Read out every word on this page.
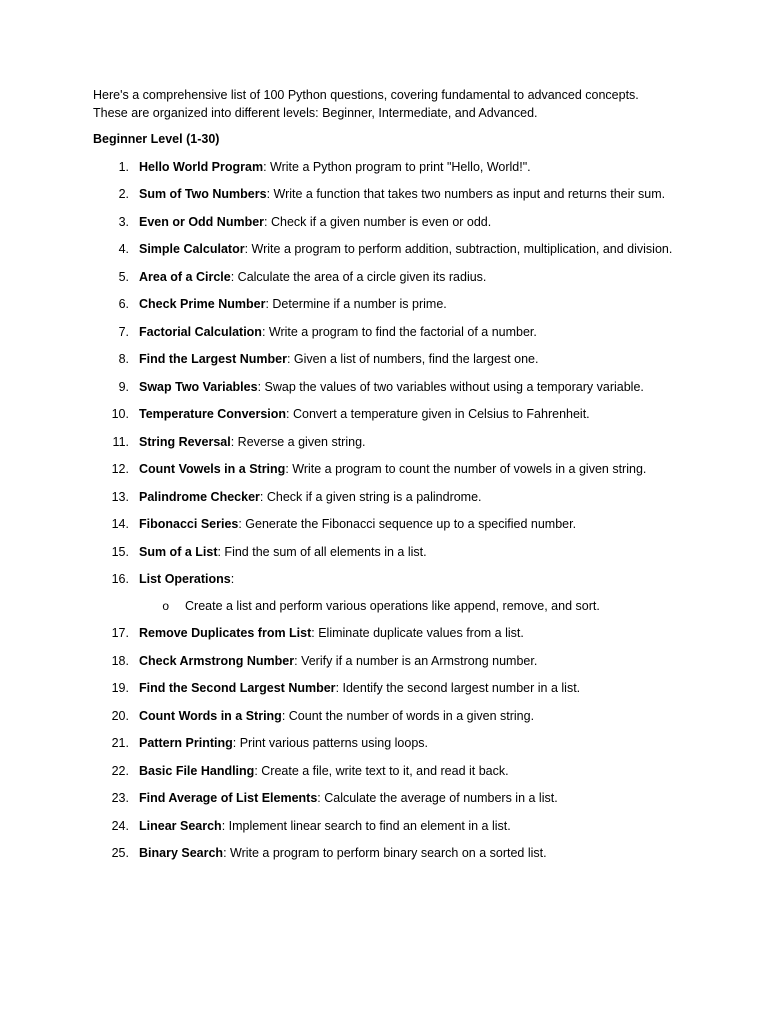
Here's a comprehensive list of 100 Python questions, covering fundamental to advanced concepts. These are organized into different levels: Beginner, Intermediate, and Advanced.

Beginner Level (1-30)
1. Hello World Program: Write a Python program to print "Hello, World!".
2. Sum of Two Numbers: Write a function that takes two numbers as input and returns their sum.
3. Even or Odd Number: Check if a given number is even or odd.
4. Simple Calculator: Write a program to perform addition, subtraction, multiplication, and division.
5. Area of a Circle: Calculate the area of a circle given its radius.
6. Check Prime Number: Determine if a number is prime.
7. Factorial Calculation: Write a program to find the factorial of a number.
8. Find the Largest Number: Given a list of numbers, find the largest one.
9. Swap Two Variables: Swap the values of two variables without using a temporary variable.
10. Temperature Conversion: Convert a temperature given in Celsius to Fahrenheit.
11. String Reversal: Reverse a given string.
12. Count Vowels in a String: Write a program to count the number of vowels in a given string.
13. Palindrome Checker: Check if a given string is a palindrome.
14. Fibonacci Series: Generate the Fibonacci sequence up to a specified number.
15. Sum of a List: Find the sum of all elements in a list.
16. List Operations:
o	Create a list and perform various operations like append, remove, and sort.
17. Remove Duplicates from List: Eliminate duplicate values from a list.
18. Check Armstrong Number: Verify if a number is an Armstrong number.
19. Find the Second Largest Number: Identify the second largest number in a list.
20. Count Words in a String: Count the number of words in a given string.
21. Pattern Printing: Print various patterns using loops.
22. Basic File Handling: Create a file, write text to it, and read it back.
23. Find Average of List Elements: Calculate the average of numbers in a list.
24. Linear Search: Implement linear search to find an element in a list.
25. Binary Search: Write a program to perform binary search on a sorted list.
